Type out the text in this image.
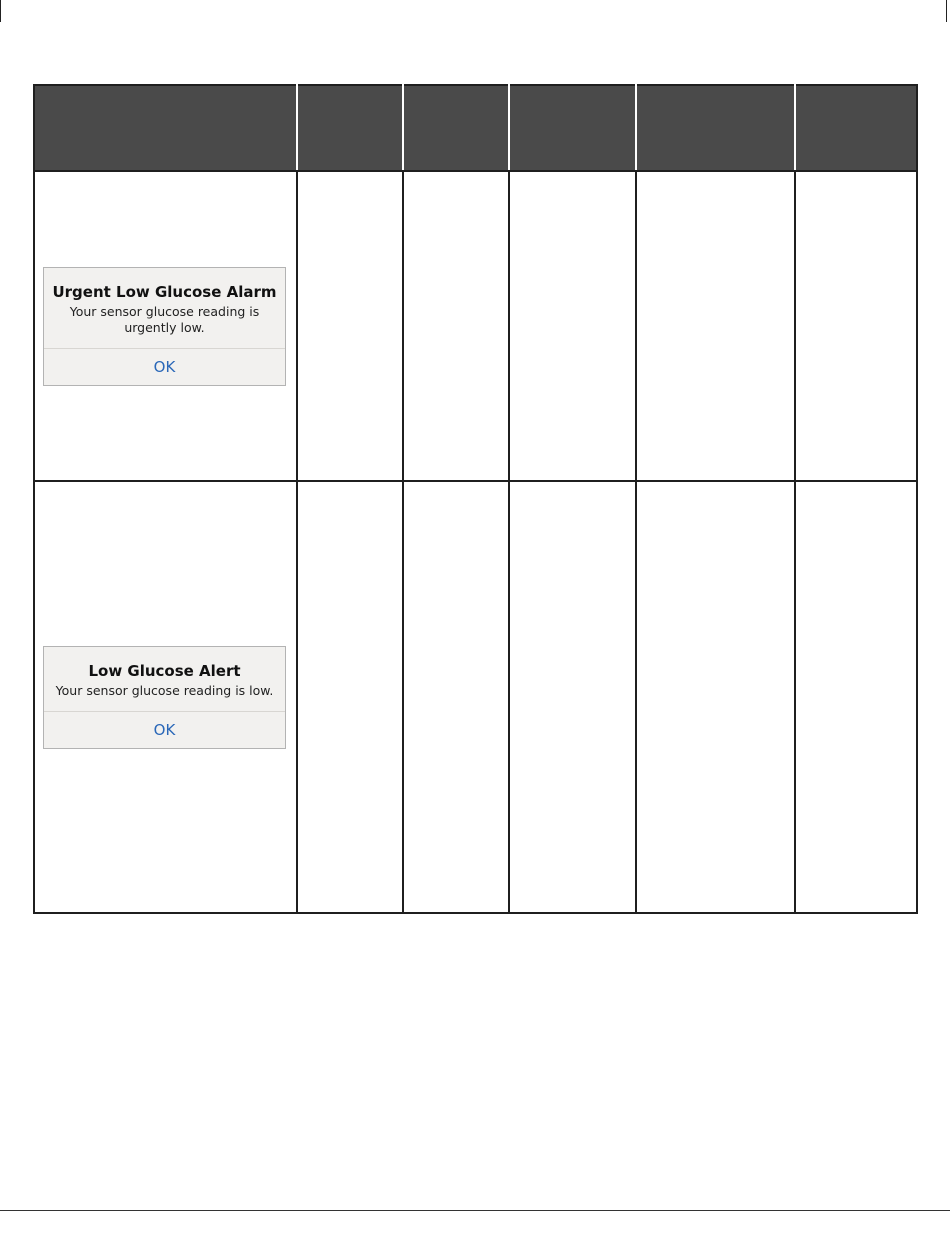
Urgent Low Glucose Alarm
Your sensor glucose reading is urgently low.
OK					

Low Glucose Alert
Your sensor glucose reading is low.
OK					
